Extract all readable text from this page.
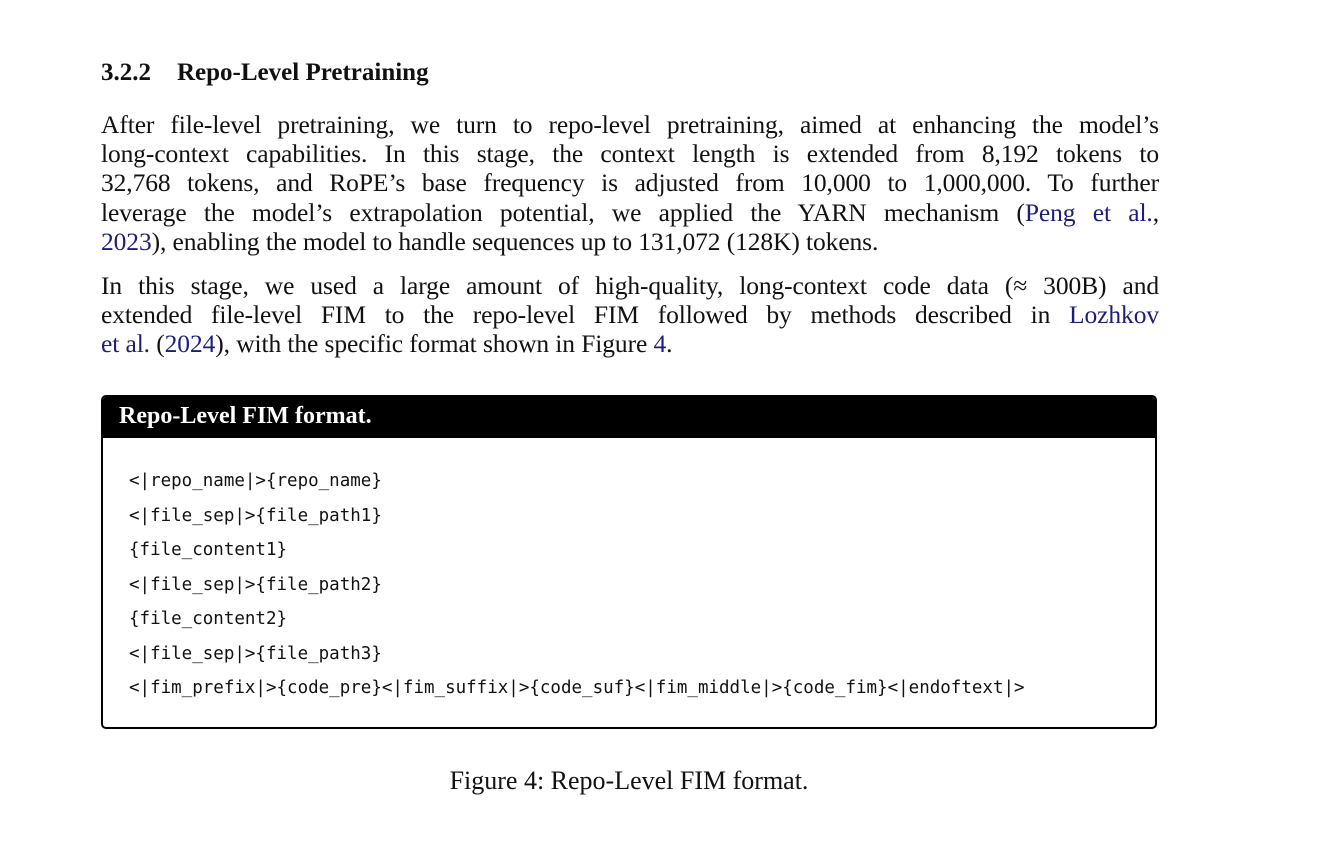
3.2.2 Repo-Level Pretraining

After file-level pretraining, we turn to repo-level pretraining, aimed at enhancing the model’s
long-context capabilities. In this stage, the context length is extended from 8,192 tokens to
32,768 tokens, and RoPE’s base frequency is adjusted from 10,000 to 1,000,000. To further
leverage the model’s extrapolation potential, we applied the YARN mechanism (Peng et al.,
2023), enabling the model to handle sequences up to 131,072 (128K) tokens.

In this stage, we used a large amount of high-quality, long-context code data (≈ 300B) and
extended file-level FIM to the repo-level FIM followed by methods described in Lozhkov
et al. (2024), with the specific format shown in Figure 4.

Repo-Level FIM format.
<|repo_name|>{repo_name}
<|file_sep|>{file_path1}
{file_content1}
<|file_sep|>{file_path2}
{file_content2}
<|file_sep|>{file_path3}
<|fim_prefix|>{code_pre}<|fim_suffix|>{code_suf}<|fim_middle|>{code_fim}<|endoftext|>
Figure 4: Repo-Level FIM format.
